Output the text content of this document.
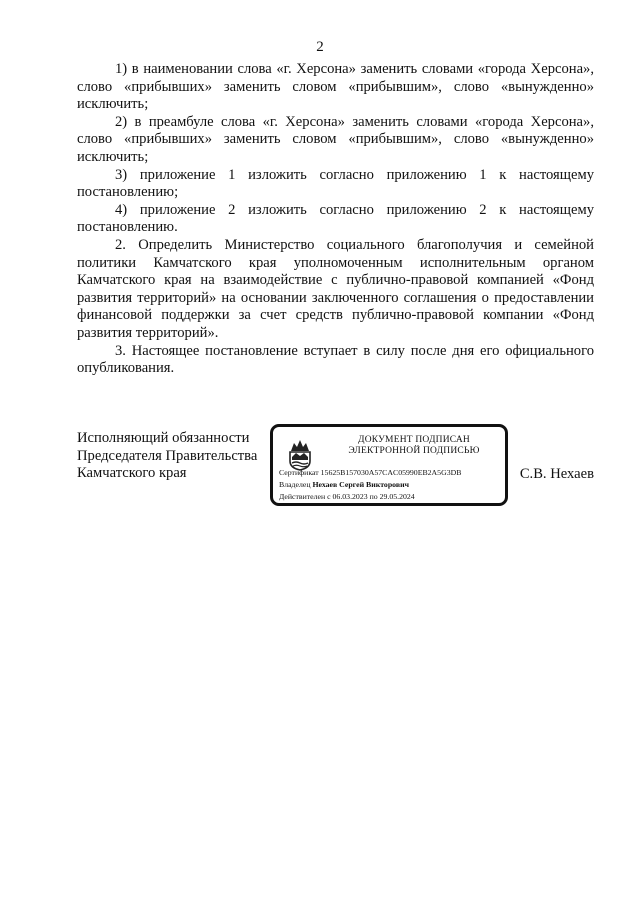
2

1) в наименовании слова «г. Херсона» заменить словами «города Херсона», слово «прибывших» заменить словом «прибывшим», слово «вынужденно» исключить;

2) в преамбуле слова «г. Херсона» заменить словами «города Херсона», слово «прибывших» заменить словом «прибывшим», слово «вынужденно» исключить;

3) приложение 1 изложить согласно приложению 1 к настоящему постановлению;

4) приложение 2 изложить согласно приложению 2 к настоящему постановлению.

2. Определить Министерство социального благополучия и семейной политики Камчатского края уполномоченным исполнительным органом Камчатского края на взаимодействие с публично-правовой компанией «Фонд развития территорий» на основании заключенного соглашения о предоставлении финансовой поддержки за счет средств публично-правовой компании «Фонд развития территорий».

3. Настоящее постановление вступает в силу после дня его официального опубликования.

Исполняющий обязанности
Председателя Правительства
Камчатского края
ДОКУМЕНТ ПОДПИСАН
ЭЛЕКТРОННОЙ ПОДПИСЬЮ
Сертификат 15625B157030A57CAC05990EB2A5G3DB
Владелец Нехаев Сергей Викторович
Действителен с 06.03.2023 по 29.05.2024
С.В. Нехаев
